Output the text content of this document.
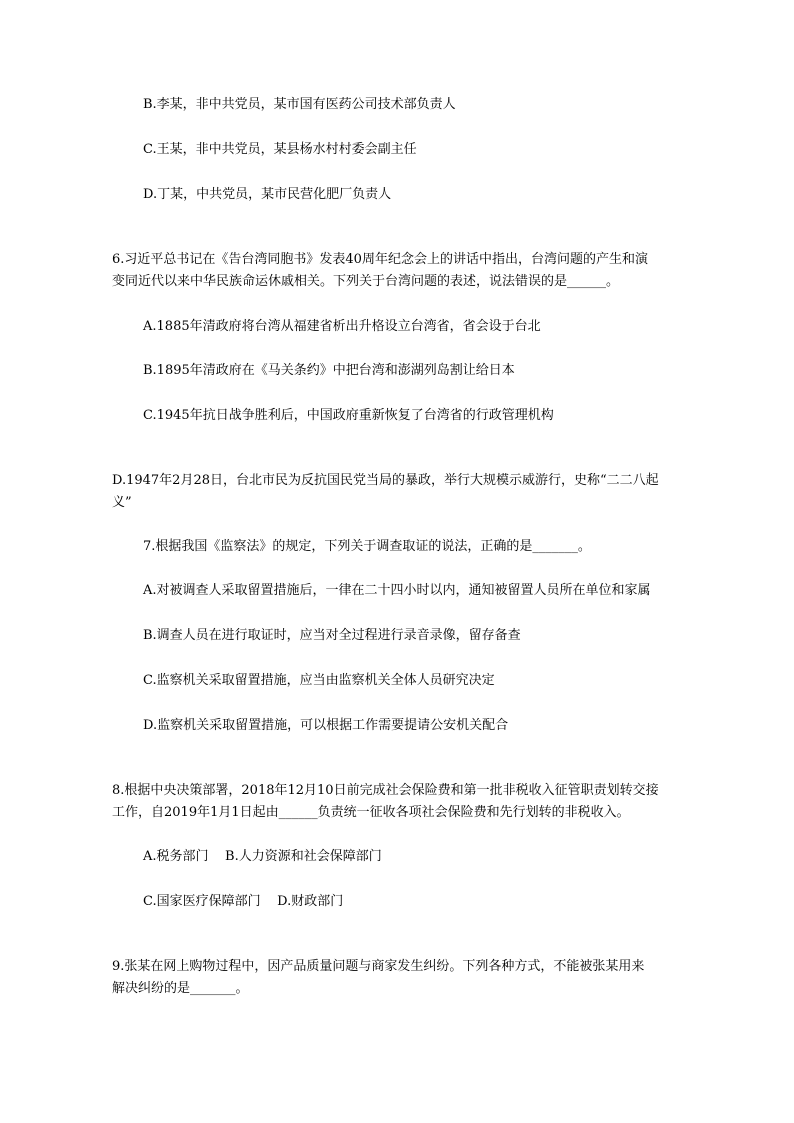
B.李某，非中共党员，某市国有医药公司技术部负责人
C.王某，非中共党员，某县杨水村村委会副主任
D.丁某，中共党员，某市民营化肥厂负责人
6.习近平总书记在《告台湾同胞书》发表40周年纪念会上的讲话中指出，台湾问题的产生和演
变同近代以来中华民族命运休戚相关。下列关于台湾问题的表述，说法错误的是______。
A.1885年清政府将台湾从福建省析出升格设立台湾省，省会设于台北
B.1895年清政府在《马关条约》中把台湾和澎湖列岛割让给日本
C.1945年抗日战争胜利后，中国政府重新恢复了台湾省的行政管理机构
D.1947年2月28日，台北市民为反抗国民党当局的暴政，举行大规模示威游行，史称“二二八起
义”
7.根据我国《监察法》的规定，下列关于调查取证的说法，正确的是_______。
A.对被调查人采取留置措施后，一律在二十四小时以内，通知被留置人员所在单位和家属
B.调查人员在进行取证时，应当对全过程进行录音录像，留存备查
C.监察机关采取留置措施，应当由监察机关全体人员研究决定
D.监察机关采取留置措施，可以根据工作需要提请公安机关配合
8.根据中央决策部署，2018年12月10日前完成社会保险费和第一批非税收入征管职责划转交接
工作，自2019年1月1日起由______负责统一征收各项社会保险费和先行划转的非税收入。
A.税务部门    B.人力资源和社会保障部门
C.国家医疗保障部门    D.财政部门
9.张某在网上购物过程中，因产品质量问题与商家发生纠纷。下列各种方式，不能被张某用来
解决纠纷的是_______。
